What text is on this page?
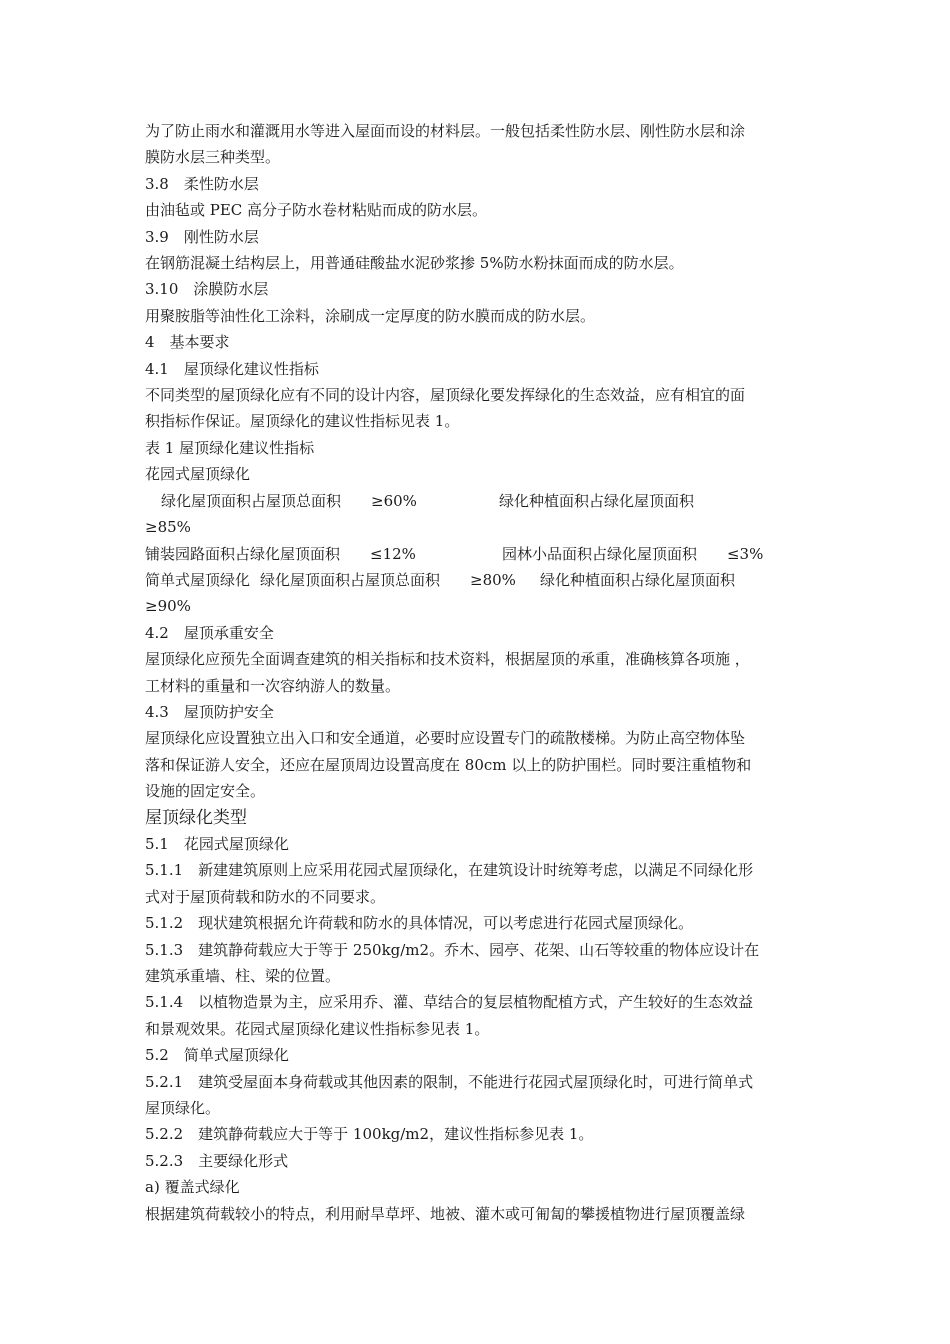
为了防止雨水和灌溉用水等进入屋面而设的材料层。一般包括柔性防水层、刚性防水层和涂
膜防水层三种类型。
3.8　柔性防水层
由油毡或 PEC 高分子防水卷材粘贴而成的防水层。
3.9　刚性防水层
在钢筋混凝土结构层上，用普通硅酸盐水泥砂浆掺 5%防水粉抹面而成的防水层。
3.10　涂膜防水层
用聚胺脂等油性化工涂料，涂刷成一定厚度的防水膜而成的防水层。
4　基本要求
4.1　屋顶绿化建议性指标
不同类型的屋顶绿化应有不同的设计内容，屋顶绿化要发挥绿化的生态效益，应有相宜的面
积指标作保证。屋顶绿化的建议性指标见表 1。
表 1 屋顶绿化建议性指标
花园式屋顶绿化
绿化屋顶面积占屋顶总面积 ≥60%	绿化种植面积占绿化屋顶面积
≥85%
铺装园路面积占绿化屋顶面积 ≤12%	园林小品面积占绿化屋顶面积 ≤3%
简单式屋顶绿化 绿化屋顶面积占屋顶总面积 ≥80% 绿化种植面积占绿化屋顶面积
≥90%
4.2　屋顶承重安全
屋顶绿化应预先全面调查建筑的相关指标和技术资料，根据屋顶的承重，准确核算各项施 ，
工材料的重量和一次容纳游人的数量。
4.3　屋顶防护安全
屋顶绿化应设置独立出入口和安全通道，必要时应设置专门的疏散楼梯。为防止高空物体坠
落和保证游人安全，还应在屋顶周边设置高度在 80cm 以上的防护围栏。同时要注重植物和
设施的固定安全。
屋顶绿化类型
5.1　花园式屋顶绿化
5.1.1　新建建筑原则上应采用花园式屋顶绿化，在建筑设计时统筹考虑，以满足不同绿化形
式对于屋顶荷载和防水的不同要求。
5.1.2　现状建筑根据允许荷载和防水的具体情况，可以考虑进行花园式屋顶绿化。
5.1.3　建筑静荷载应大于等于 250kg/m2。乔木、园亭、花架、山石等较重的物体应设计在
建筑承重墙、柱、梁的位置。
5.1.4　以植物造景为主，应采用乔、灌、草结合的复层植物配植方式，产生较好的生态效益
和景观效果。花园式屋顶绿化建议性指标参见表 1。
5.2　简单式屋顶绿化
5.2.1　建筑受屋面本身荷载或其他因素的限制，不能进行花园式屋顶绿化时，可进行简单式
屋顶绿化。
5.2.2　建筑静荷载应大于等于 100kg/m2，建议性指标参见表 1。
5.2.3　主要绿化形式
a) 覆盖式绿化
根据建筑荷载较小的特点，利用耐旱草坪、地被、灌木或可匍匐的攀援植物进行屋顶覆盖绿
